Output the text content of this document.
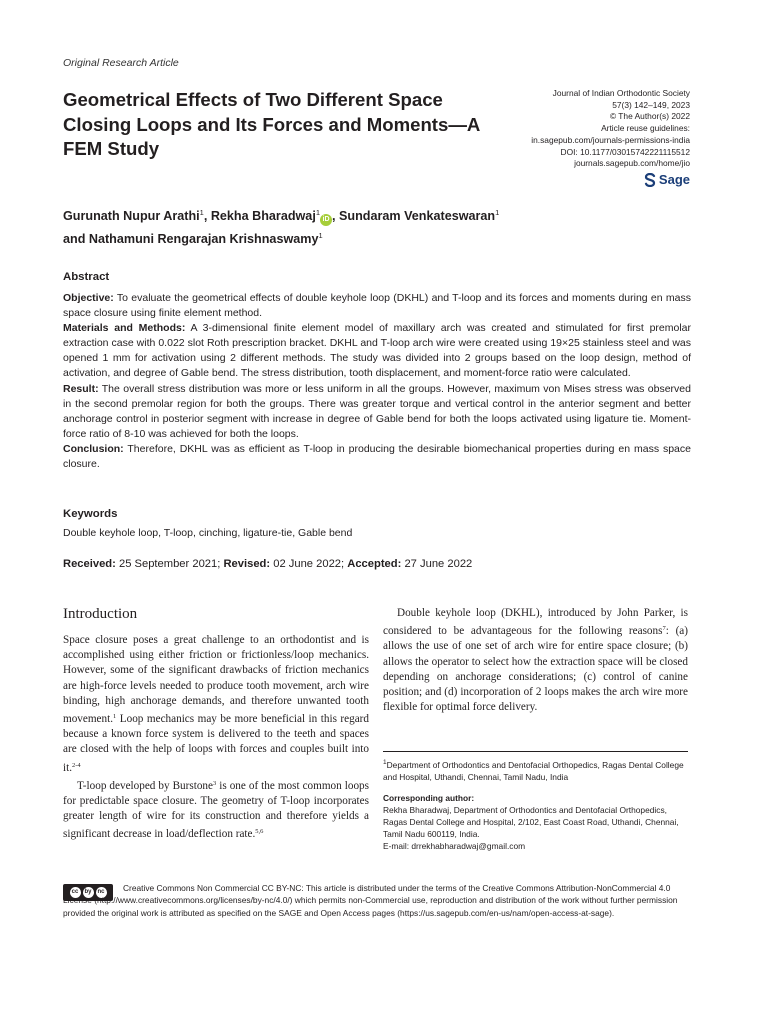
Original Research Article
Geometrical Effects of Two Different Space Closing Loops and Its Forces and Moments—A FEM Study
Journal of Indian Orthodontic Society
57(3) 142–149, 2023
© The Author(s) 2022
Article reuse guidelines:
in.sagepub.com/journals-permissions-india
DOI: 10.1177/03015742221115512
journals.sagepub.com/home/jio
Sage
Gurunath Nupur Arathi$^1$, Rekha Bharadwaj$^1$iD , Sundaram Venkateswaran$^1$
and Nathamuni Rengarajan Krishnaswamy$^1$
Abstract

Objective: To evaluate the geometrical effects of double keyhole loop (DKHL) and T-loop and its forces and moments during en mass space closure using finite element method.

Materials and Methods: A 3-dimensional finite element model of maxillary arch was created and stimulated for first premolar extraction case with 0.022 slot Roth prescription bracket. DKHL and T-loop arch wire were created using 19×25 stainless steel and was opened 1 mm for activation using 2 different methods. The study was divided into 2 groups based on the loop design, method of activation, and degree of Gable bend. The stress distribution, tooth displacement, and moment-force ratio were calculated.

Result: The overall stress distribution was more or less uniform in all the groups. However, maximum von Mises stress was observed in the second premolar region for both the groups. There was greater torque and vertical control in the anterior segment and better anchorage control in posterior segment with increase in degree of Gable bend for both the loops activated using ligature tie. Moment-force ratio of 8-10 was achieved for both the loops.

Conclusion: Therefore, DKHL was as efficient as T-loop in producing the desirable biomechanical properties during en mass space closure.

Keywords
Double keyhole loop, T-loop, cinching, ligature-tie, Gable bend
Received: 25 September 2021; Revised: 02 June 2022; Accepted: 27 June 2022
Introduction

Space closure poses a great challenge to an orthodontist and is accomplished using either friction or frictionless/loop mechanics. However, some of the significant drawbacks of friction mechanics are high-force levels needed to produce tooth movement, arch wire binding, high anchorage demands, and therefore unwanted tooth movement.$^1$ Loop mechanics may be more beneficial in this regard because a known force system is delivered to the teeth and spaces are closed with the help of loops with forces and couples built into it.$^{2-4}$

T-loop developed by Burstone$^3$ is one of the most common loops for predictable space closure. The geometry of T-loop incorporates greater length of wire for its construction and therefore yields a significant decrease in load/deflection rate.$^{5,6}$

Double keyhole loop (DKHL), introduced by John Parker, is considered to be advantageous for the following reasons$^7$: (a) allows the use of one set of arch wire for entire space closure; (b) allows the operator to select how the extraction space will be closed depending on anchorage considerations; (c) control of canine position; and (d) incorporation of 2 loops makes the arch wire more flexible for optimal force delivery.

$^1$Department of Orthodontics and Dentofacial Orthopedics, Ragas Dental College and Hospital, Uthandi, Chennai, Tamil Nadu, India
Corresponding author:
Rekha Bharadwaj, Department of Orthodontics and Dentofacial Orthopedics, Ragas Dental College and Hospital, 2/102, East Coast Road, Uthandi, Chennai, Tamil Nadu 600119, India.
E-mail: drrekhabharadwaj@gmail.com
cc	by nc	Creative Commons Non Commercial CC BY-NC: This article is distributed under the terms of the Creative Commons Attribution-NonCommercial 4.0 License (http://www.creativecommons.org/licenses/by-nc/4.0/) which permits non-Commercial use, reproduction and distribution of the work without further permission provided the original work is attributed as specified on the SAGE and Open Access pages (https://us.sagepub.com/en-us/nam/open-access-at-sage).
